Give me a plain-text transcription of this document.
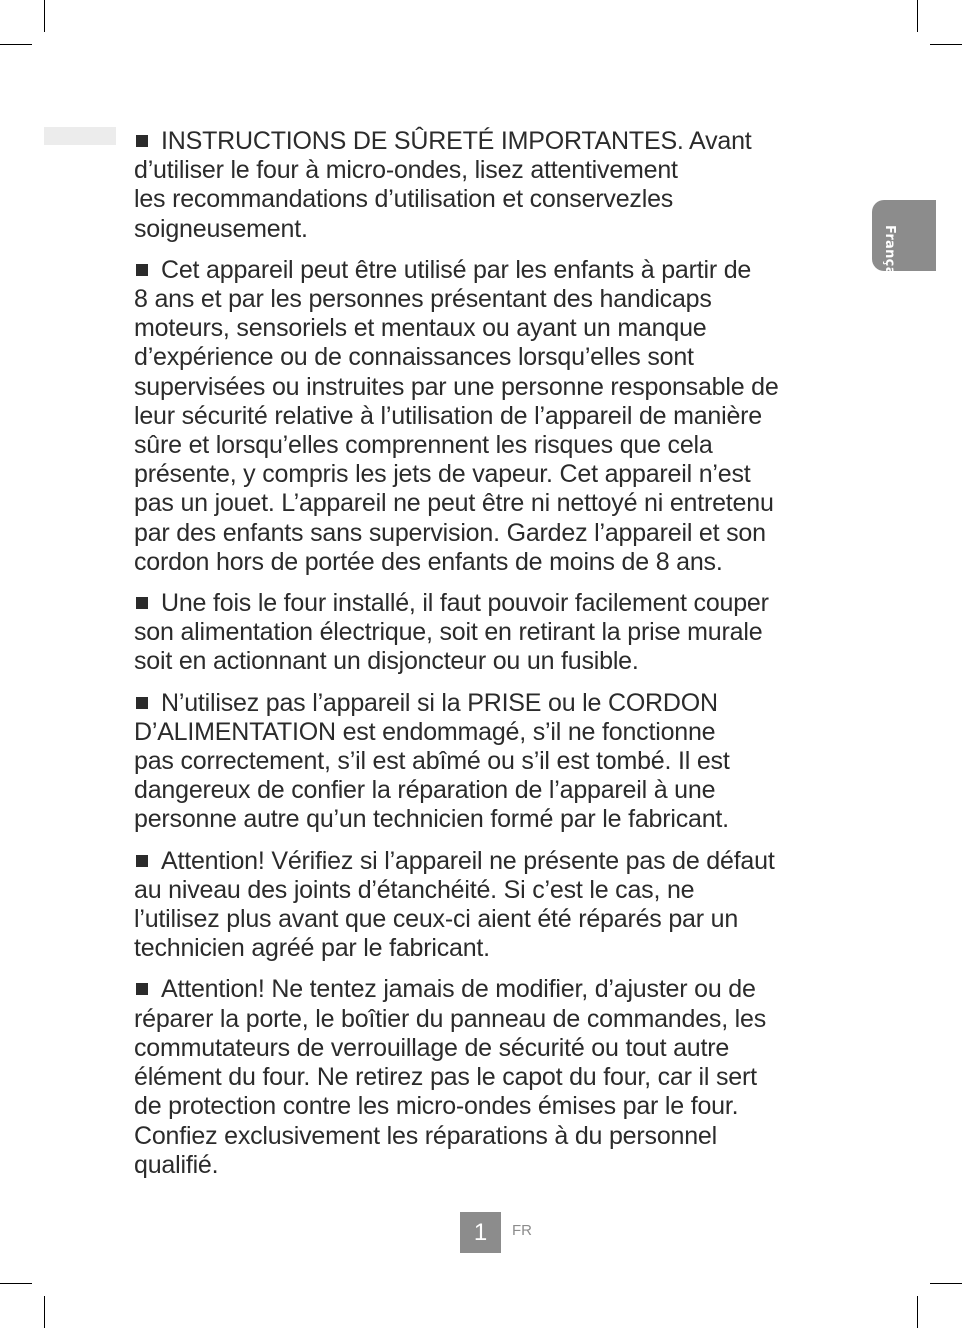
Français

INSTRUCTIONS DE SÛRETÉ IMPORTANTES. Avant
d’utiliser le four à micro-ondes, lisez attentivement
les recommandations d’utilisation et conservezles
soigneusement.

Cet appareil peut être utilisé par les enfants à partir de
8 ans et par les personnes présentant des handicaps
moteurs, sensoriels et mentaux ou ayant un manque
d’expérience ou de connaissances lorsqu’elles sont
supervisées ou instruites par une personne responsable de
leur sécurité relative à l’utilisation de l’appareil de manière
sûre et lorsqu’elles comprennent les risques que cela
présente, y compris les jets de vapeur. Cet appareil n’est
pas un jouet. L’appareil ne peut être ni nettoyé ni entretenu
par des enfants sans supervision. Gardez l’appareil et son
cordon hors de portée des enfants de moins de 8 ans.

Une fois le four installé, il faut pouvoir facilement couper
son alimentation électrique, soit en retirant la prise murale
soit en actionnant un disjoncteur ou un fusible.

N’utilisez pas l’appareil si la PRISE ou le CORDON
D’ALIMENTATION est endommagé, s’il ne fonctionne
pas correctement, s’il est abîmé ou s’il est tombé. Il est
dangereux de confier la réparation de l’appareil à une
personne autre qu’un technicien formé par le fabricant.

Attention! Vérifiez si l’appareil ne présente pas de défaut
au niveau des joints d’étanchéité. Si c’est le cas, ne
l’utilisez plus avant que ceux-ci aient été réparés par un
technicien agréé par le fabricant.

Attention! Ne tentez jamais de modifier, d’ajuster ou de
réparer la porte, le boîtier du panneau de commandes, les
commutateurs de verrouillage de sécurité ou tout autre
élément du four. Ne retirez pas le capot du four, car il sert
de protection contre les micro-ondes émises par le four.
Confiez exclusivement les réparations à du personnel
qualifié.

1	FR
